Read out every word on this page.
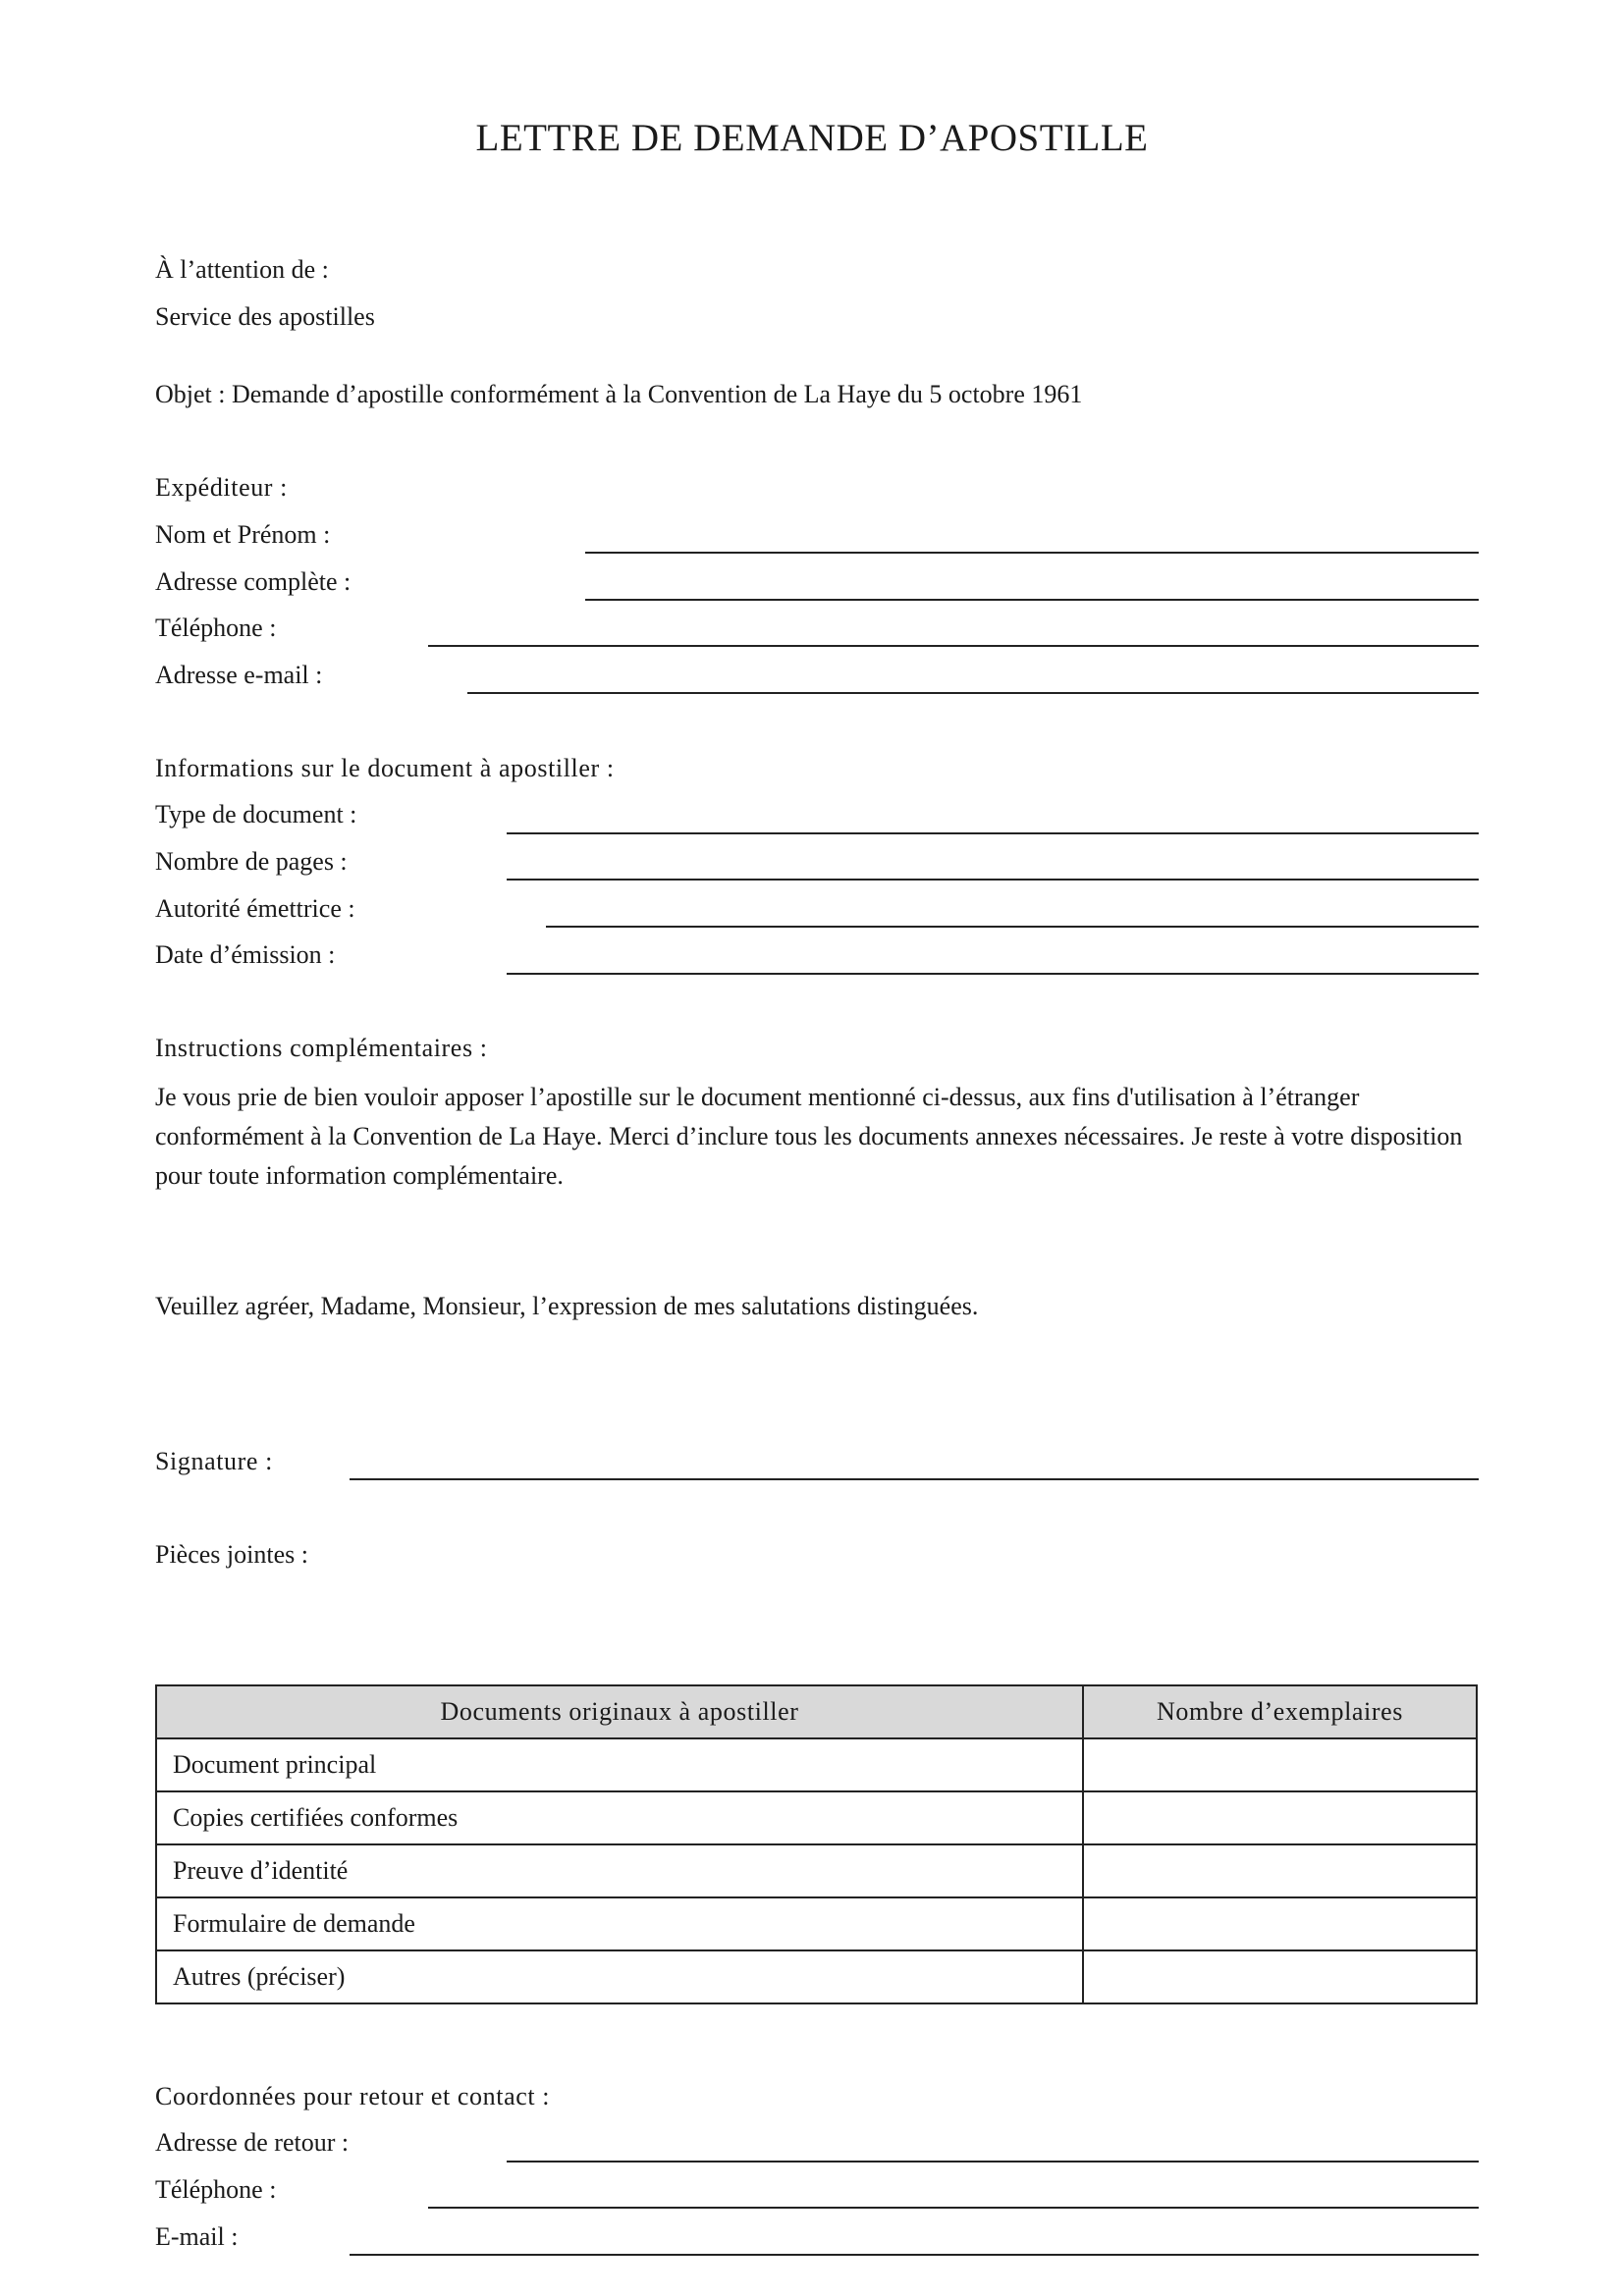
LETTRE DE DEMANDE D’APOSTILLE
À l’attention de :
Service des apostilles
Objet : Demande d’apostille conformément à la Convention de La Haye du 5 octobre 1961
Expéditeur :
Nom et Prénom :
Adresse complète :
Téléphone :
Adresse e-mail :
Informations sur le document à apostiller :
Type de document :
Nombre de pages :
Autorité émettrice :
Date d’émission :
Instructions complémentaires :
Je vous prie de bien vouloir apposer l’apostille sur le document mentionné ci-dessus, aux fins d'utilisation à l’étranger conformément à la Convention de La Haye. Merci d’inclure tous les documents annexes nécessaires. Je reste à votre disposition pour toute information complémentaire.
Veuillez agréer, Madame, Monsieur, l’expression de mes salutations distinguées.
Signature :
Pièces jointes :
Documents originaux à apostiller	Nombre d’exemplaires
Document principal	
Copies certifiées conformes	
Preuve d’identité	
Formulaire de demande	
Autres (préciser)	
Coordonnées pour retour et contact :
Adresse de retour :
Téléphone :
E-mail :
